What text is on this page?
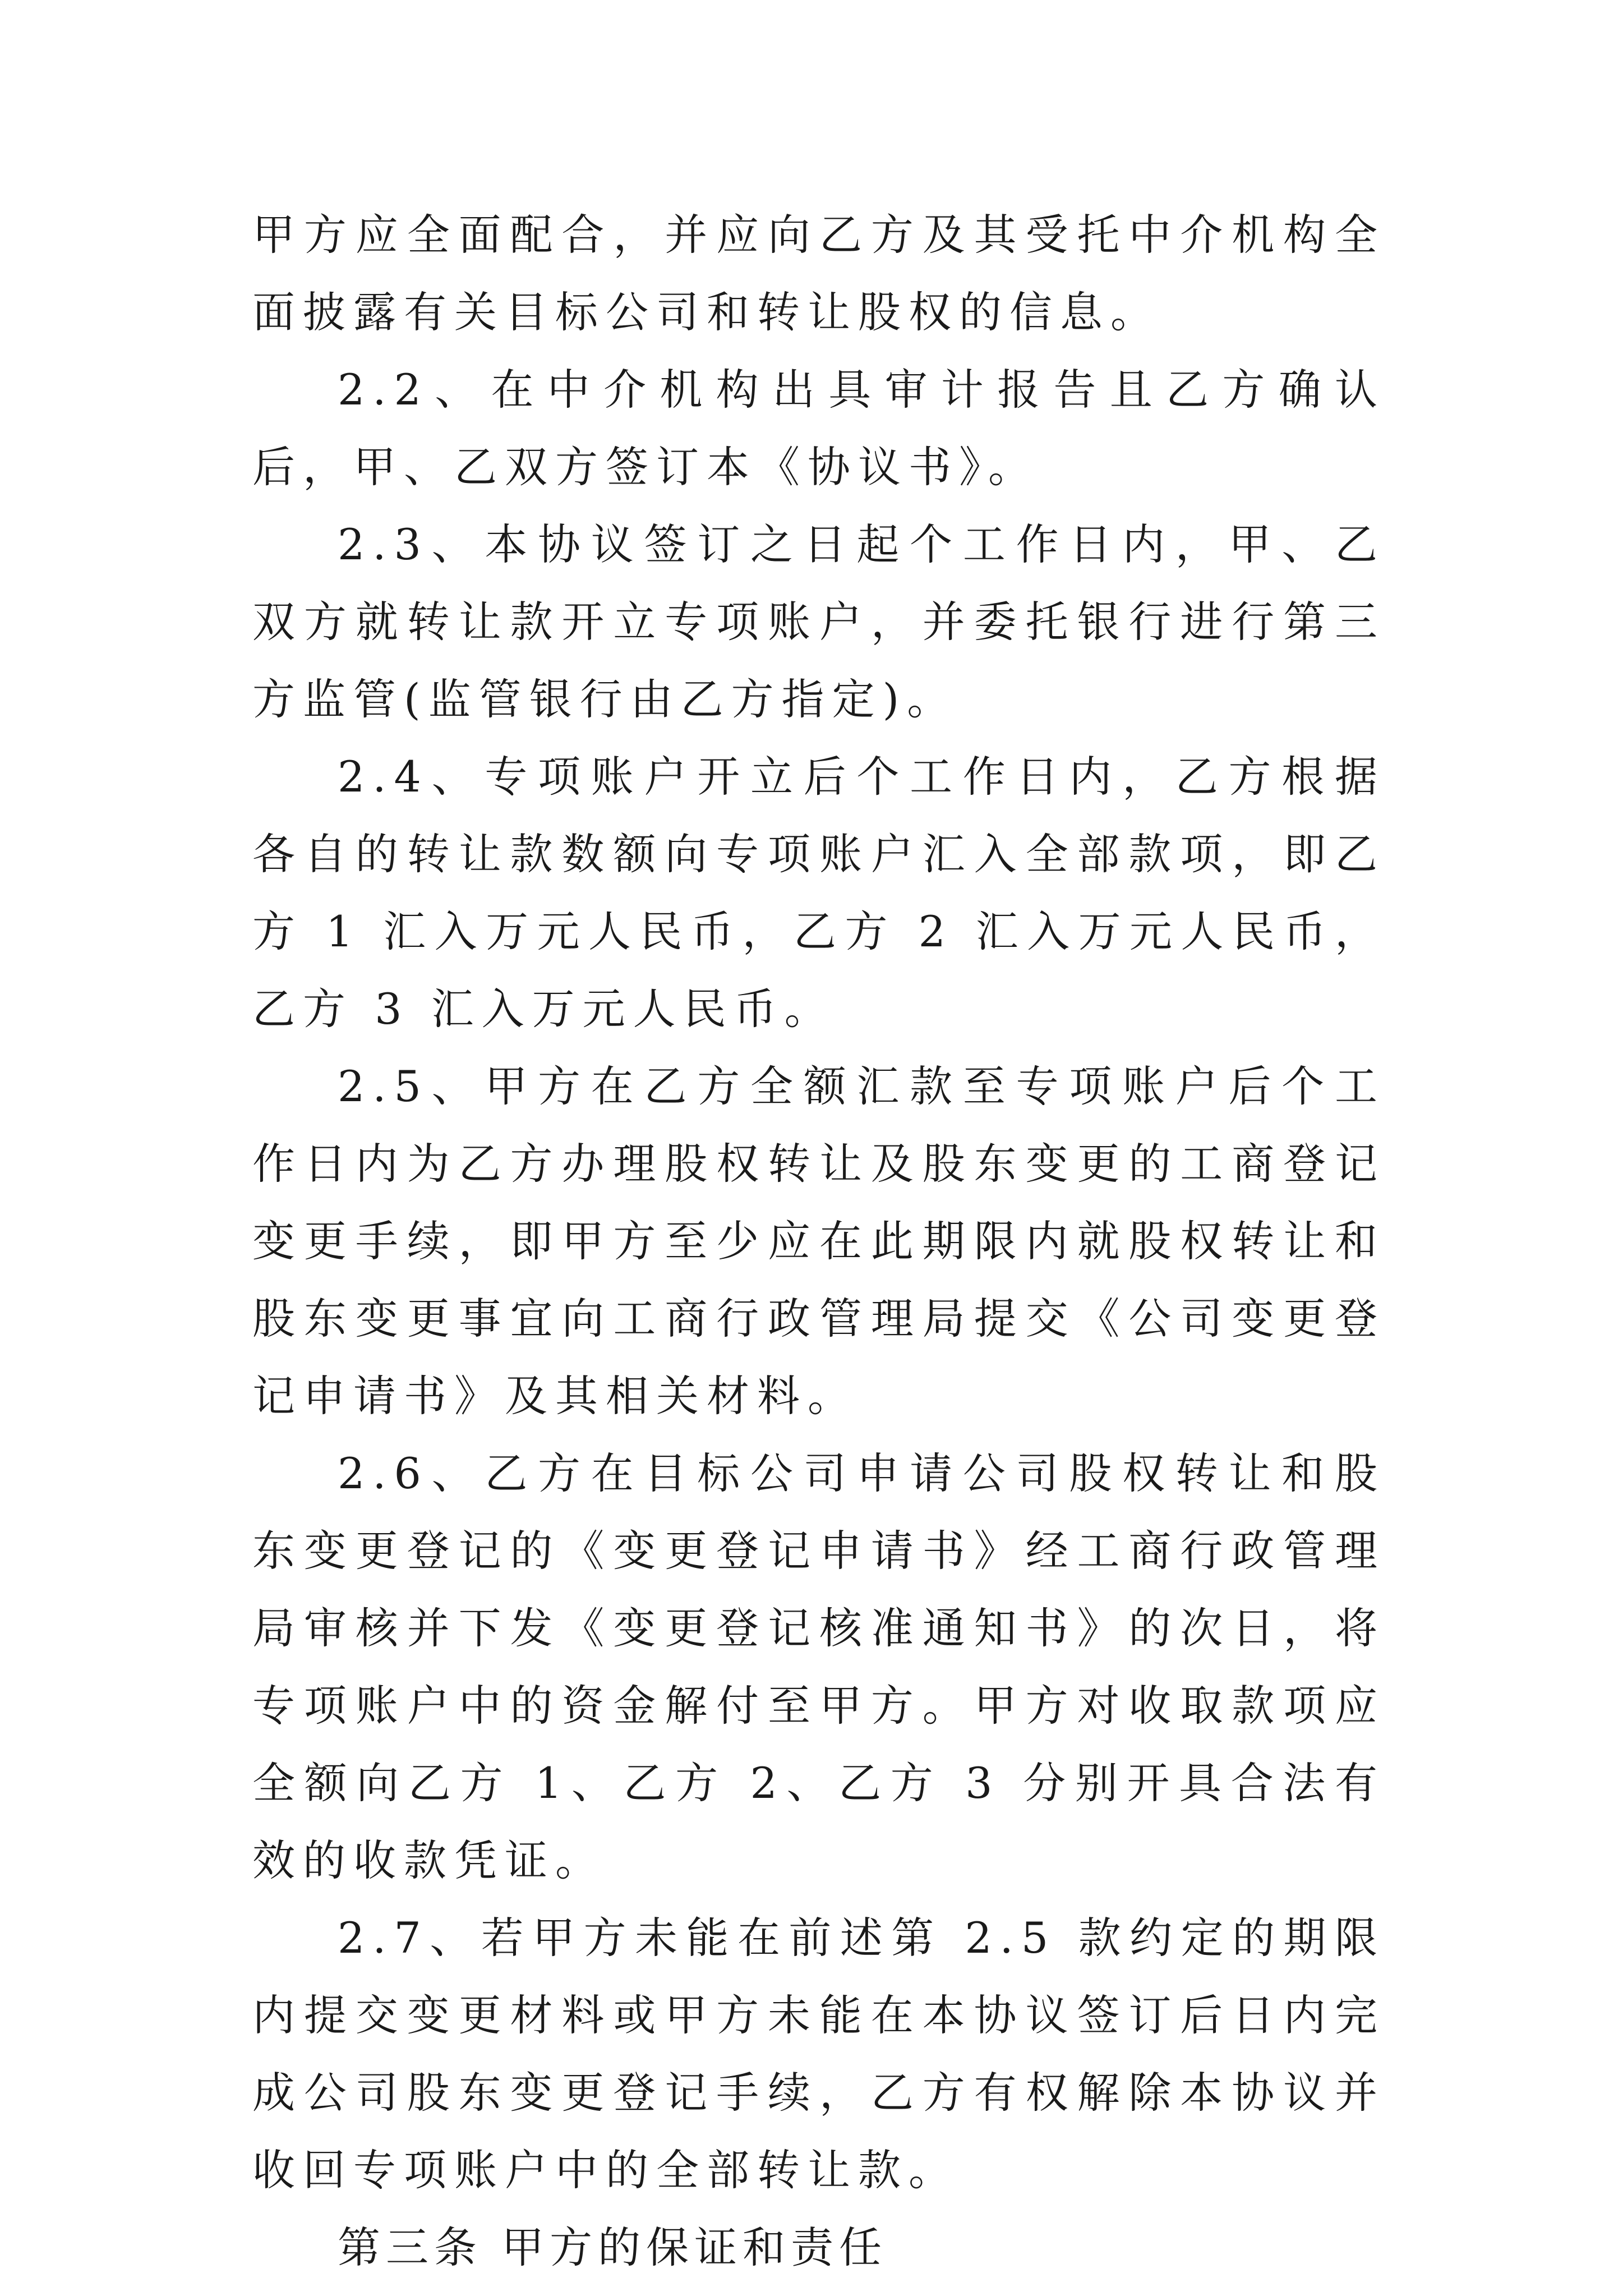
甲方应全面配合，并应向乙方及其受托中介机构全面披露有关目标公司和转让股权的信息。

2.2、在中介机构出具审计报告且乙方确认后，甲、乙双方签订本《协议书》。

2.3、本协议签订之日起个工作日内，甲、乙双方就转让款开立专项账户，并委托银行进行第三方监管(监管银行由乙方指定)。

2.4、专项账户开立后个工作日内，乙方根据各自的转让款数额向专项账户汇入全部款项，即乙方 1 汇入万元人民币，乙方 2 汇入万元人民币，乙方 3 汇入万元人民币。

2.5、甲方在乙方全额汇款至专项账户后个工作日内为乙方办理股权转让及股东变更的工商登记变更手续，即甲方至少应在此期限内就股权转让和股东变更事宜向工商行政管理局提交《公司变更登记申请书》及其相关材料。

2.6、乙方在目标公司申请公司股权转让和股东变更登记的《变更登记申请书》经工商行政管理局审核并下发《变更登记核准通知书》的次日，将专项账户中的资金解付至甲方。甲方对收取款项应全额向乙方 1、乙方 2、乙方 3 分别开具合法有效的收款凭证。

2.7、若甲方未能在前述第 2.5 款约定的期限内提交变更材料或甲方未能在本协议签订后日内完成公司股东变更登记手续，乙方有权解除本协议并收回专项账户中的全部转让款。

第三条 甲方的保证和责任
